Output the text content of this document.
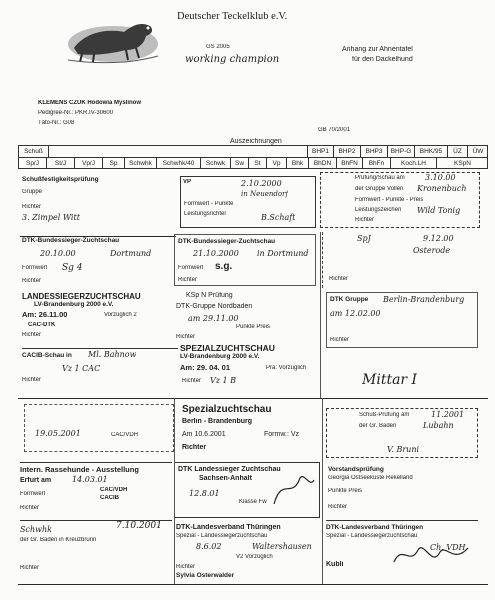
Deutscher Teckelklub e.V.
GS 2005
working champion
Anhang zur Ahnentafel
für den Dackelhund
KLEMENS CZUK Hodowia Myslinow
Pedigree-Nr.: PKR.IV-30600
Täto-Nr.: G08
GB 70/2001
Auszeichnungen
Schuß	BHP1	BHP2	BHP3	BHP-G	BHK/95	ÜZ	ÜW
Sp/J	St/J	Vp/J	Sp	Schwhk	Schwhk/40	Schwk	Sw	St	Vp	Bhk	BhDN	BhFN	BhFn	Koch.LH	KSpN
Schußfestigkeitsprüfung
Gruppe
Richter
3. Zimpel Witt
VP	2.10.2000
in Neuendorf
Formwert - Punkte
Leistungsrichter	B.Schaft
Prüfung/Schau am	3.10.00
der Gruppe Vollen Kronenbuch
Formwert - Punkte - Preis
Leistungszeichen Wild Tonig
Richter
DTK-Bundessieger-Zuchtschau
20.10.00	Dortmund
Formwert Sg 4
Richter
DTK-Bundessieger-Zuchtschau
21.10.2000 in Dortmund
Formwert s.g.
Richter
SpJ	9.12.00
Osterode
Richter
LANDESSIEGERZUCHTSCHAU
LV-Brandenburg 2000 e.V.
Am: 26.11.00	Vorzüglich 2
CAC-DTK
Richter
KSp N Prüfung
DTK-Gruppe Nordbaden
am 29.11.00
Punkte Preis
Richter
DTK Gruppe Berlin-Brandenburg
am 12.02.00
Richter
CACIB-Schau in Ml. Bahnow
Vz 1 CAC
Richter
SPEZIALZUCHTSCHAU
LV-Brandenburg 2000 e.V.
Am: 29. 04. 01	Prä: Vorzüglich
Richter Vz 1 B	Mittar I
19.05.2001	CAC/VDH
Spezialzuchtschau
Berlin - Brandenburg
Am 10.6.2001	Formw.: Vz
Richter
Schuß-Prüfung am	11.2001
der Gr. Baden	Lubahn
V. Bruni
Intern. Rassehunde - Ausstellung
Erfurt am	14.03.01
Formwert
CAC/VDH
CACIB
Richter
DTK Landessieger Zuchtschau
Sachsen-Anhalt
12.8.01
Klasse Fw
Vorstandsprüfung
Georgia Ostseeküste Rekelland
Punkte Preis
Richter
Schwhk	7.10.2001
der Gr. Baden in Kreuzbrunn
Richter
DTK-Landesverband Thüringen
Spezial - Landessiegerzuchtschau
8.6.02	Waltershausen
V2 Vorzüglich
Richter
Sylvia Osterwalder
DTK-Landesverband Thüringen
Spezial - Landessiegerzuchtschau
Ch. VDH
Kubli
